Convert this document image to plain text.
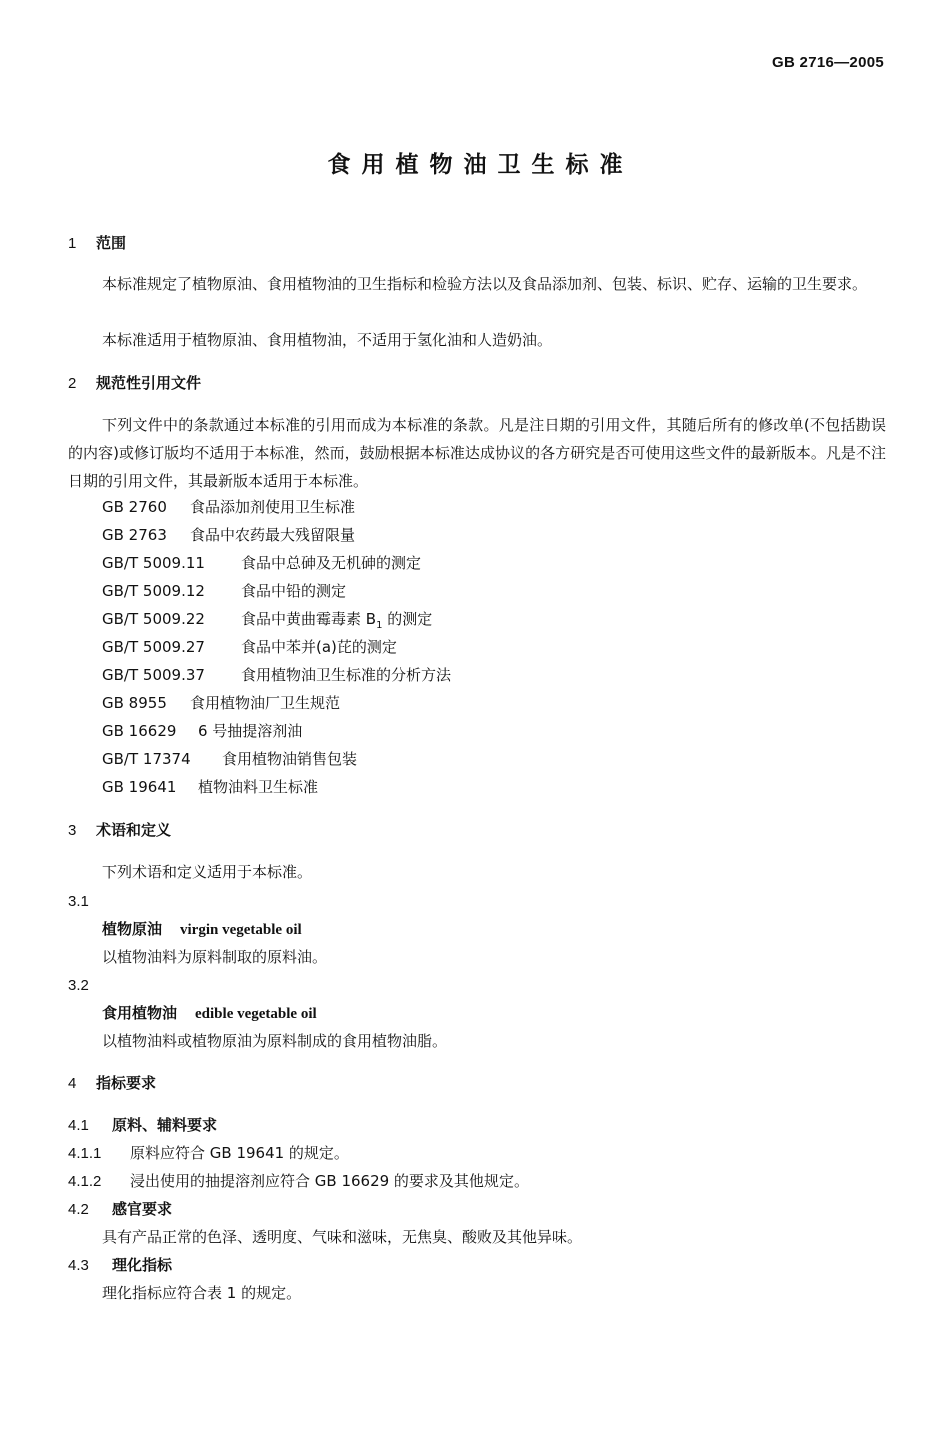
GB 2716—2005
食用植物油卫生标准
1 范围
本标准规定了植物原油、食用植物油的卫生指标和检验方法以及食品添加剂、包装、标识、贮存、运输的卫生要求。
本标准适用于植物原油、食用植物油，不适用于氢化油和人造奶油。
2 规范性引用文件
下列文件中的条款通过本标准的引用而成为本标准的条款。凡是注日期的引用文件，其随后所有的修改单(不包括勘误的内容)或修订版均不适用于本标准，然而，鼓励根据本标准达成协议的各方研究是否可使用这些文件的最新版本。凡是不注日期的引用文件，其最新版本适用于本标准。
GB 2760 食品添加剂使用卫生标准
GB 2763 食品中农药最大残留限量
GB/T 5009.11 食品中总砷及无机砷的测定
GB/T 5009.12 食品中铅的测定
GB/T 5009.22 食品中黄曲霉毒素 $B_1$ 的测定
GB/T 5009.27 食品中苯并(a)芘的测定
GB/T 5009.37 食用植物油卫生标准的分析方法
GB 8955 食用植物油厂卫生规范
GB 16629 6 号抽提溶剂油
GB/T 17374 食用植物油销售包装
GB 19641 植物油料卫生标准
3 术语和定义
下列术语和定义适用于本标准。
3.1
植物原油 virgin vegetable oil
以植物油料为原料制取的原料油。
3.2
食用植物油 edible vegetable oil
以植物油料或植物原油为原料制成的食用植物油脂。
4 指标要求
4.1 原料、辅料要求
4.1.1 原料应符合 GB 19641 的规定。
4.1.2 浸出使用的抽提溶剂应符合 GB 16629 的要求及其他规定。
4.2 感官要求
具有产品正常的色泽、透明度、气味和滋味，无焦臭、酸败及其他异味。
4.3 理化指标
理化指标应符合表 1 的规定。
